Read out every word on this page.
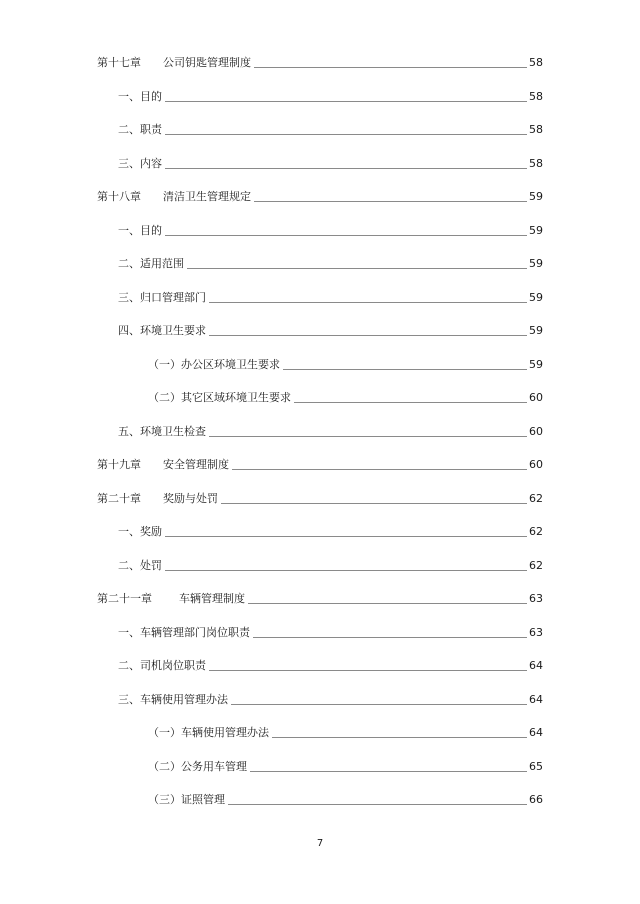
第十七章	公司钥匙管理制度	58
一、目的	58
二、职责	58
三、内容	58
第十八章	清洁卫生管理规定	59
一、目的	59
二、适用范围	59
三、归口管理部门	59
四、环境卫生要求	59
（一）办公区环境卫生要求	59
（二）其它区域环境卫生要求	60
五、环境卫生检查	60
第十九章	安全管理制度	60
第二十章	奖励与处罚	62
一、奖励	62
二、处罚	62
第二十一章	车辆管理制度	63
一、车辆管理部门岗位职责	63
二、司机岗位职责	64
三、车辆使用管理办法	64
（一）车辆使用管理办法	64
（二）公务用车管理	65
（三）证照管理	66
7
